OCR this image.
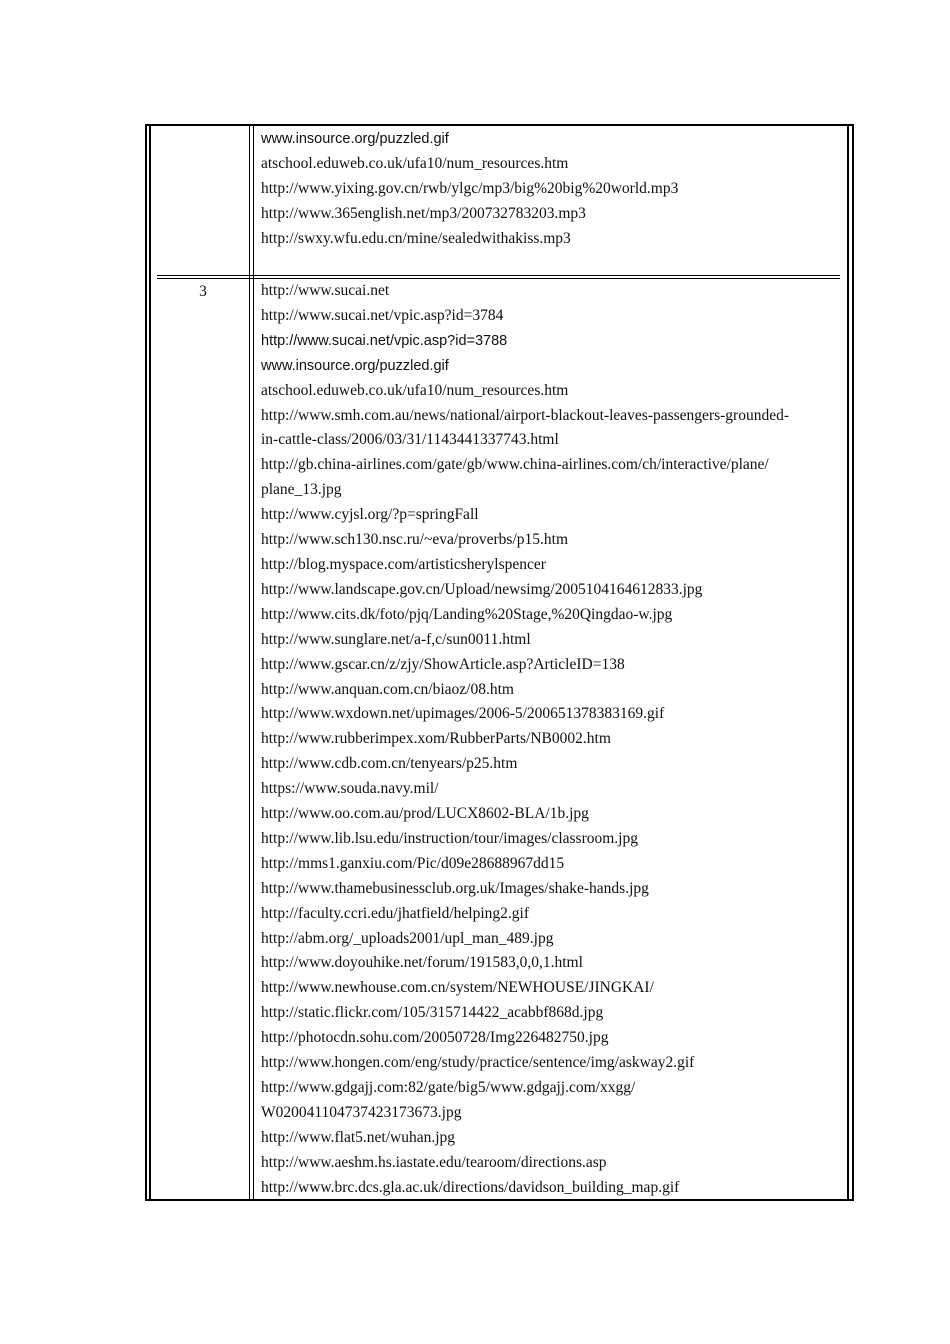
www.insource.org/puzzled.gif
atschool.eduweb.co.uk/ufa10/num_resources.htm
http://www.yixing.gov.cn/rwb/ylgc/mp3/big%20big%20world.mp3
http://www.365english.net/mp3/200732783203.mp3
http://swxy.wfu.edu.cn/mine/sealedwithakiss.mp3
3	http://www.sucai.net
http://www.sucai.net/vpic.asp?id=3784
http://www.sucai.net/vpic.asp?id=3788
www.insource.org/puzzled.gif
atschool.eduweb.co.uk/ufa10/num_resources.htm
http://www.smh.com.au/news/national/airport-blackout-leaves-passengers-grounded-
in-cattle-class/2006/03/31/1143441337743.html
http://gb.china-airlines.com/gate/gb/www.china-airlines.com/ch/interactive/plane/
plane_13.jpg
http://www.cyjsl.org/?p=springFall
http://www.sch130.nsc.ru/~eva/proverbs/p15.htm
http://blog.myspace.com/artisticsherylspencer
http://www.landscape.gov.cn/Upload/newsimg/2005104164612833.jpg
http://www.cits.dk/foto/pjq/Landing%20Stage,%20Qingdao-w.jpg
http://www.sunglare.net/a-f,c/sun0011.html
http://www.gscar.cn/z/zjy/ShowArticle.asp?ArticleID=138
http://www.anquan.com.cn/biaoz/08.htm
http://www.wxdown.net/upimages/2006-5/200651378383169.gif
http://www.rubberimpex.xom/RubberParts/NB0002.htm
http://www.cdb.com.cn/tenyears/p25.htm
https://www.souda.navy.mil/
http://www.oo.com.au/prod/LUCX8602-BLA/1b.jpg
http://www.lib.lsu.edu/instruction/tour/images/classroom.jpg
http://mms1.ganxiu.com/Pic/d09e28688967dd15
http://www.thamebusinessclub.org.uk/Images/shake-hands.jpg
http://faculty.ccri.edu/jhatfield/helping2.gif
http://abm.org/_uploads2001/upl_man_489.jpg
http://www.doyouhike.net/forum/191583,0,0,1.html
http://www.newhouse.com.cn/system/NEWHOUSE/JINGKAI/
http://static.flickr.com/105/315714422_acabbf868d.jpg
http://photocdn.sohu.com/20050728/Img226482750.jpg
http://www.hongen.com/eng/study/practice/sentence/img/askway2.gif
http://www.gdgajj.com:82/gate/big5/www.gdgajj.com/xxgg/
W020041104737423173673.jpg
http://www.flat5.net/wuhan.jpg
http://www.aeshm.hs.iastate.edu/tearoom/directions.asp
http://www.brc.dcs.gla.ac.uk/directions/davidson_building_map.gif
